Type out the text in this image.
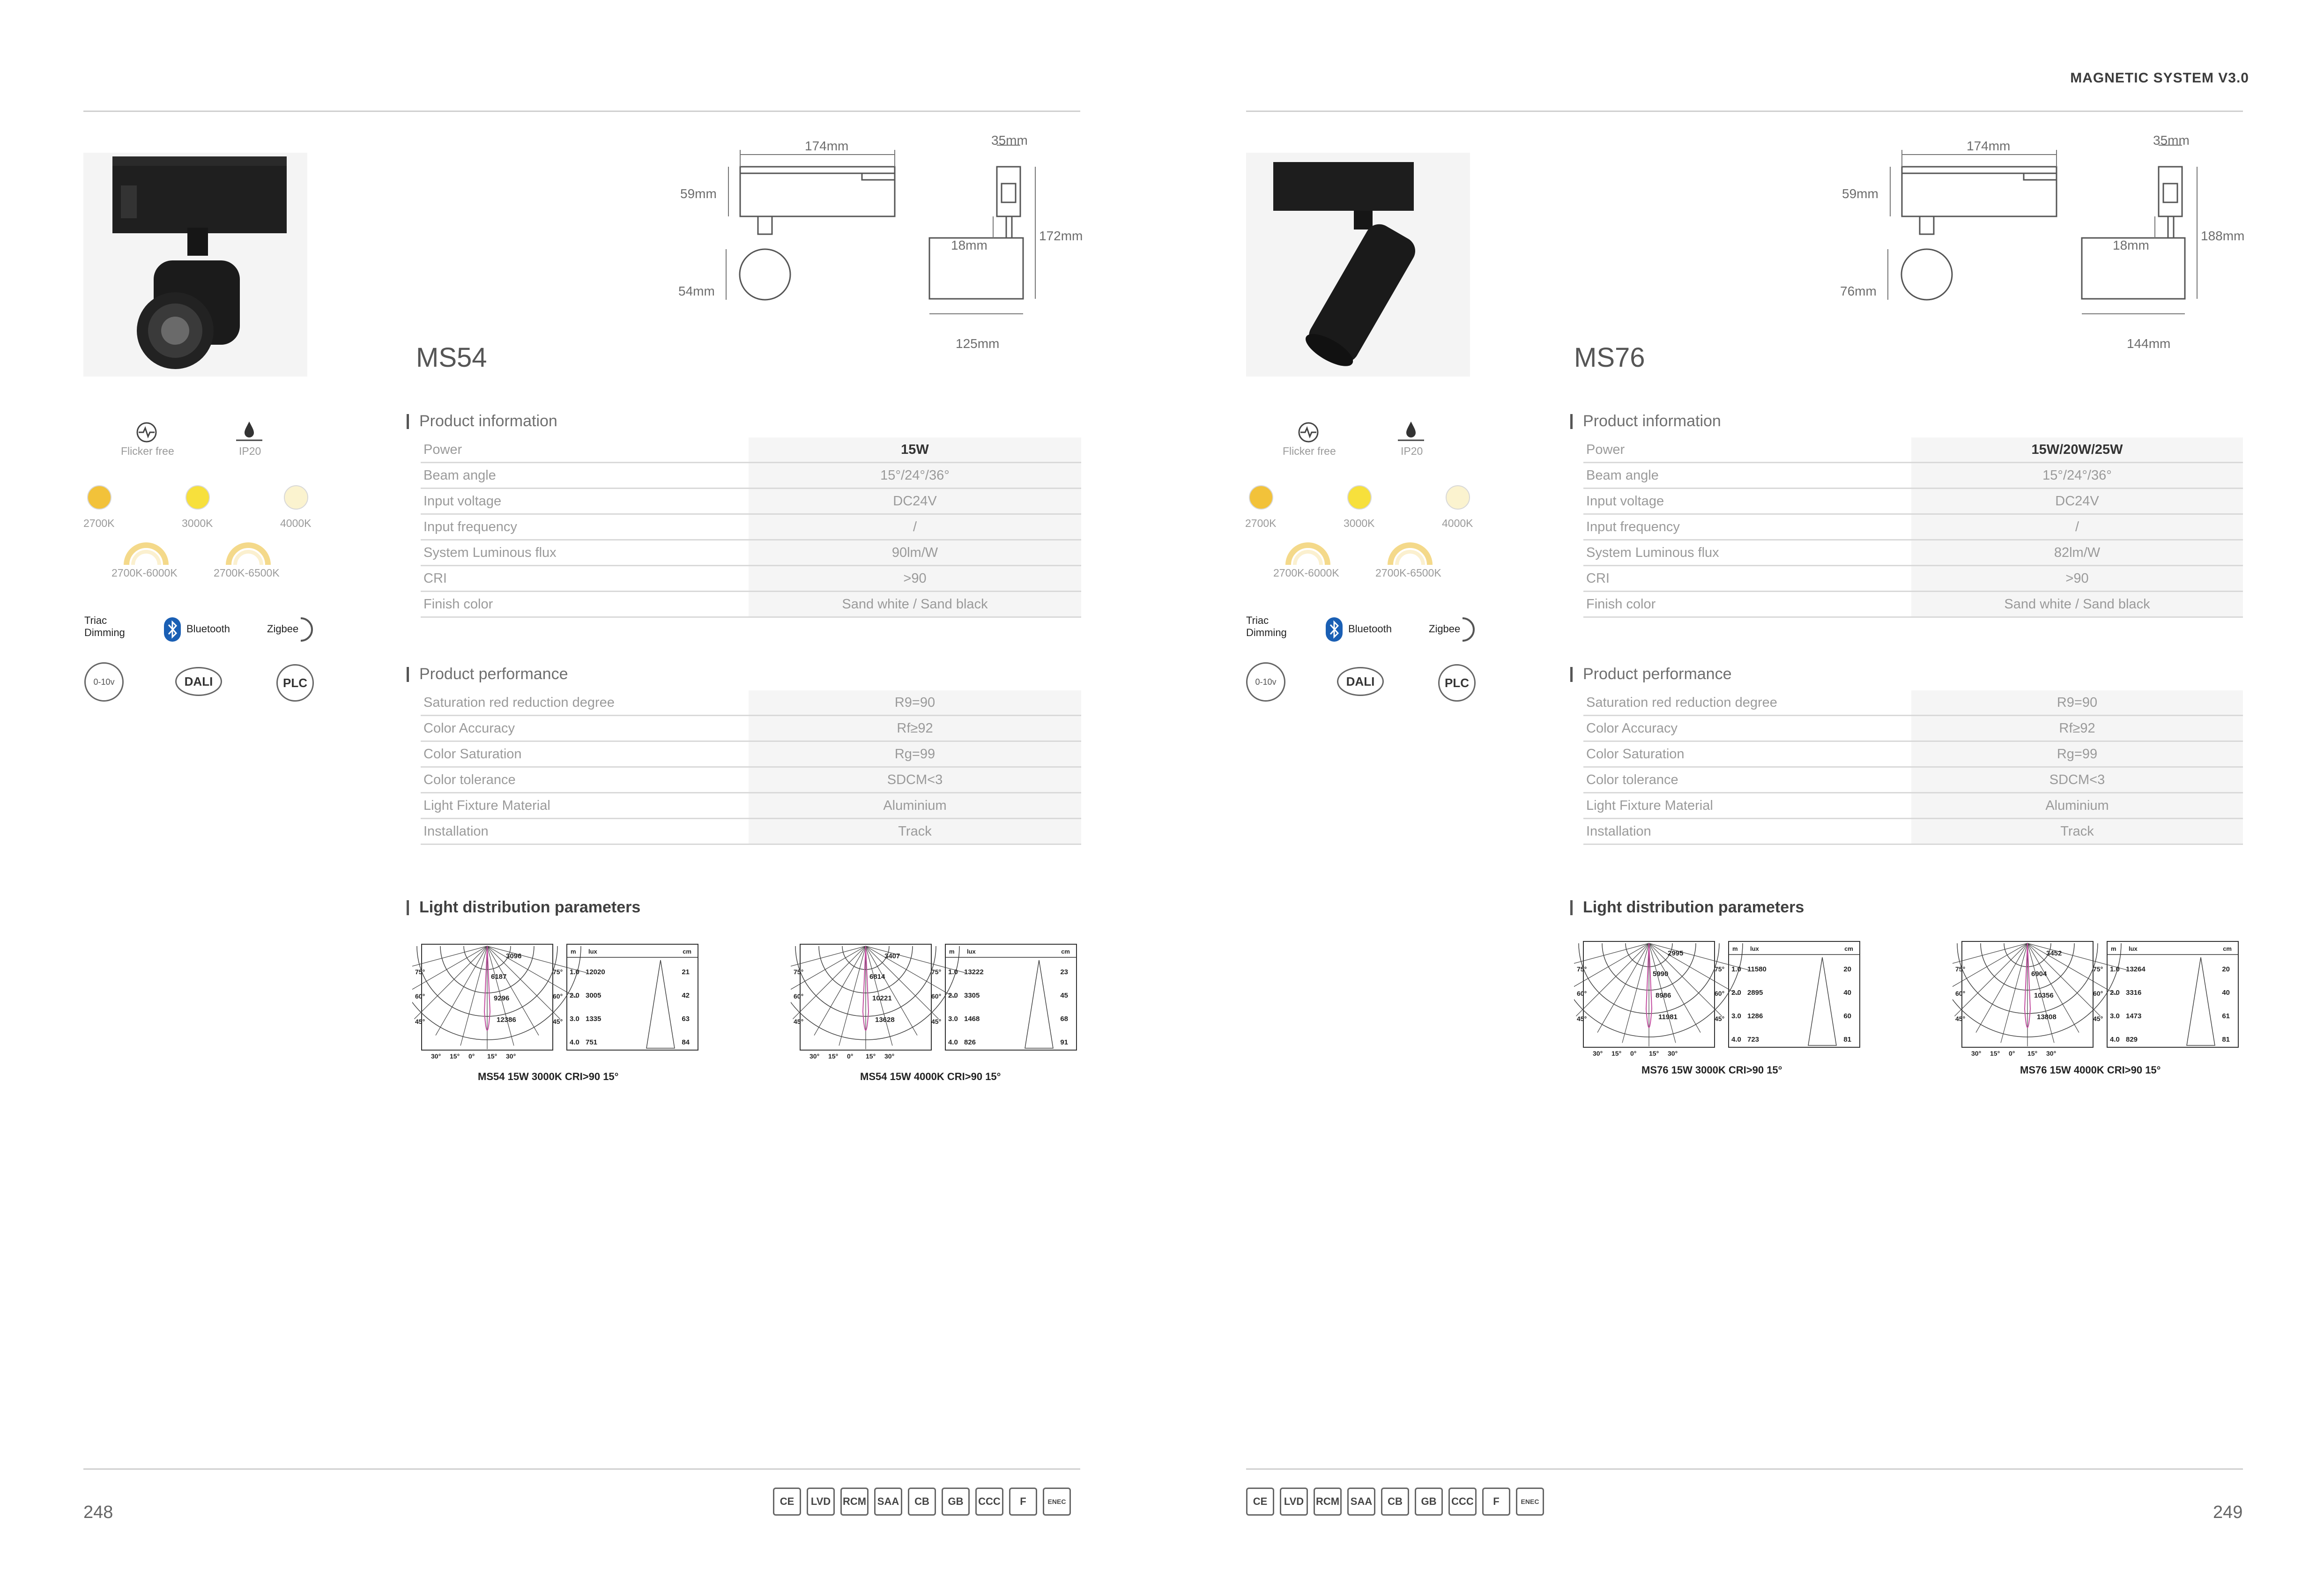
MAGNETIC SYSTEM V3.0
MS54
174mm	35mm
59mm
54mm
18mm
172mm
125mm
Flicker free	IP20
2700K	3000K	4000K
2700K-6000K	2700K-6500K
Triac
Dimming	Bluetooth	Zigbee
0-10v	DALI	PLC
Product information
Power	15W
Beam angle	15°/24°/36°
Input voltage	DC24V
Input frequency	/
System Luminous flux	90lm/W
CRI	>90
Finish color	Sand white / Sand black
Product performance
Saturation red reduction degree	R9=90
Color Accuracy	Rf≥92
Color Saturation	Rg=99
Color tolerance	SDCM<3
Light Fixture Material	Aluminium
Installation	Track
Light distribution parameters
3096
6187
9296
12386
75°
60°
45°
75°
60°
45°
30° 15° 0° 15° 30°
m lux	cm
1.0 12020	21
2.0 3005	42
3.0 1335	63
4.0 751	84
MS54 15W 3000K CRI>90 15°
3407
6814
10221
13628
75°
60°
45°
75°
60°
45°
30° 15° 0° 15° 30°
m lux	cm
1.0 13222	23
2.0 3305	45
3.0 1468	68
4.0 826	91
MS54 15W 4000K CRI>90 15°
248
CE	LVD	RCM	SAA	CB	GB	CCC	F	ENEC
MS76
174mm	35mm
59mm
76mm
18mm
188mm
144mm
Flicker free	IP20
2700K	3000K	4000K
2700K-6000K	2700K-6500K
Triac
Dimming	Bluetooth	Zigbee
0-10v	DALI	PLC
Product information
Power	15W/20W/25W
Beam angle	15°/24°/36°
Input voltage	DC24V
Input frequency	/
System Luminous flux	82lm/W
CRI	>90
Finish color	Sand white / Sand black
Product performance
Saturation red reduction degree	R9=90
Color Accuracy	Rf≥92
Color Saturation	Rg=99
Color tolerance	SDCM<3
Light Fixture Material	Aluminium
Installation	Track
Light distribution parameters
2995
5990
8986
11981
75°
60°
45°
75°
60°
45°
30° 15° 0° 15° 30°
m lux	cm
1.0 11580	20
2.0 2895	40
3.0 1286	60
4.0 723	81
MS76 15W 3000K CRI>90 15°
3452
6904
10356
13808
75°
60°
45°
75°
60°
45°
30° 15° 0° 15° 30°
m lux	cm
1.0 13264	20
2.0 3316	40
3.0 1473	61
4.0 829	81
MS76 15W 4000K CRI>90 15°
249
CE	LVD	RCM	SAA	CB	GB	CCC	F	ENEC
